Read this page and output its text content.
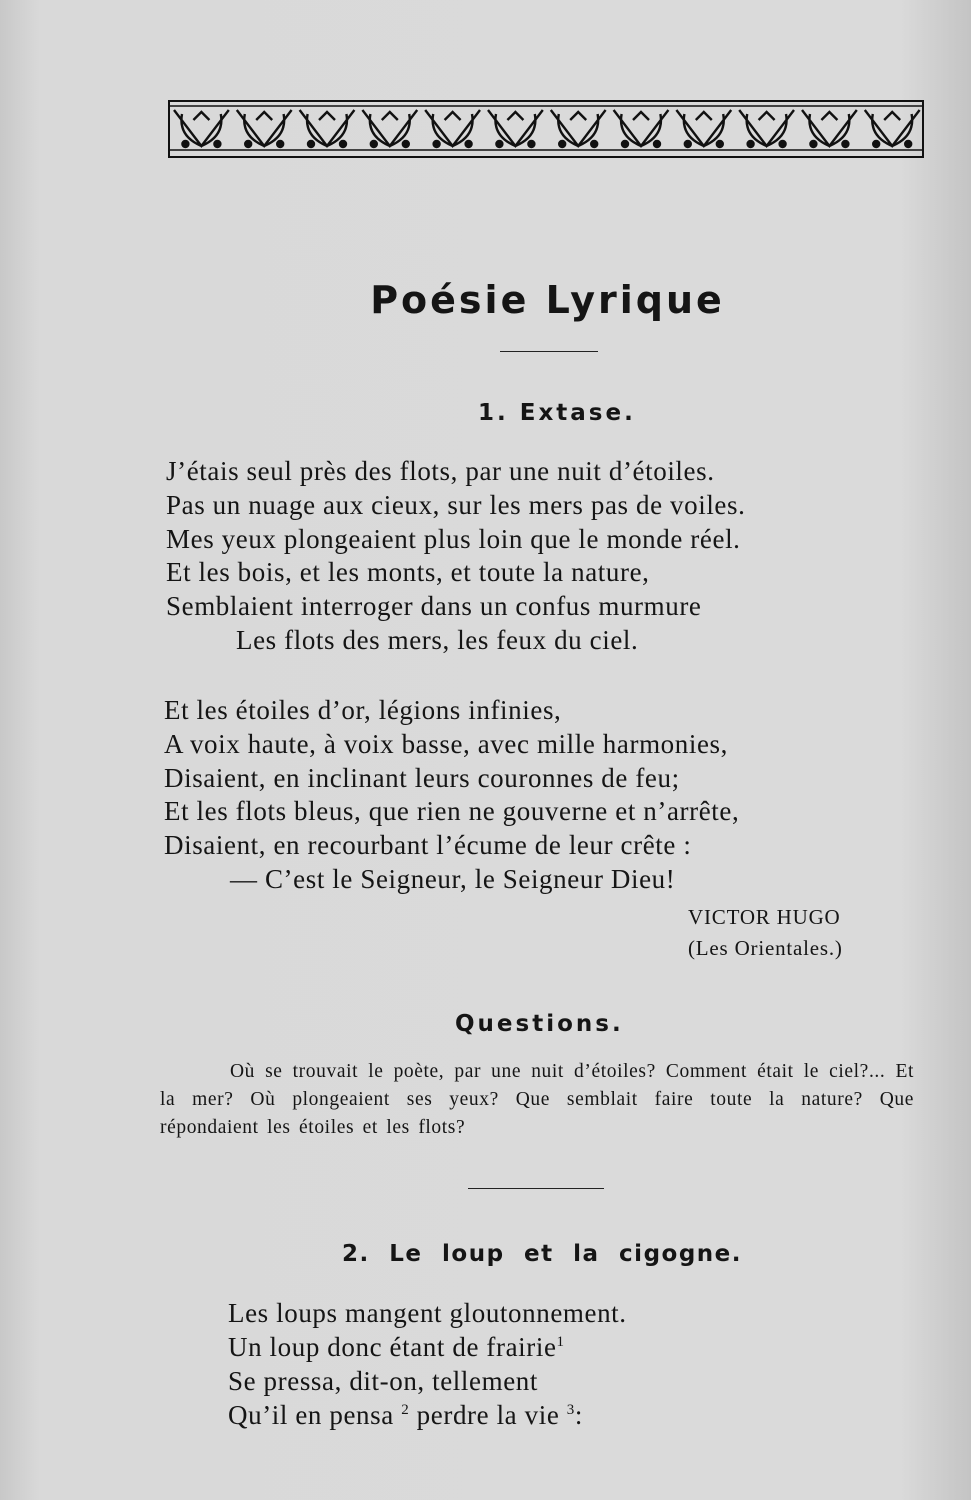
Poésie Lyrique
1. Extase.
J’étais seul près des flots, par une nuit d’étoiles.
Pas un nuage aux cieux, sur les mers pas de voiles.
Mes yeux plongeaient plus loin que le monde réel.
Et les bois, et les monts, et toute la nature,
Semblaient interroger dans un confus murmure
Les flots des mers, les feux du ciel.
Et les étoiles d’or, légions infinies,
A voix haute, à voix basse, avec mille harmonies,
Disaient, en inclinant leurs couronnes de feu;
Et les flots bleus, que rien ne gouverne et n’arrête,
Disaient, en recourbant l’écume de leur crête :
— C’est le Seigneur, le Seigneur Dieu!
VICTOR HUGO
(Les Orientales.)
Questions.
Où se trouvait le poète, par une nuit d’étoiles? Comment était le ciel?... Et la mer? Où plongeaient ses yeux? Que semblait faire toute la nature? Que répondaient les étoiles et les flots?
2. Le loup et la cigogne.
Les loups mangent gloutonnement.
Un loup donc étant de frairie$^1$
Se pressa, dit-on, tellement
Qu’il en pensa $^2$ perdre la vie $^3$:
